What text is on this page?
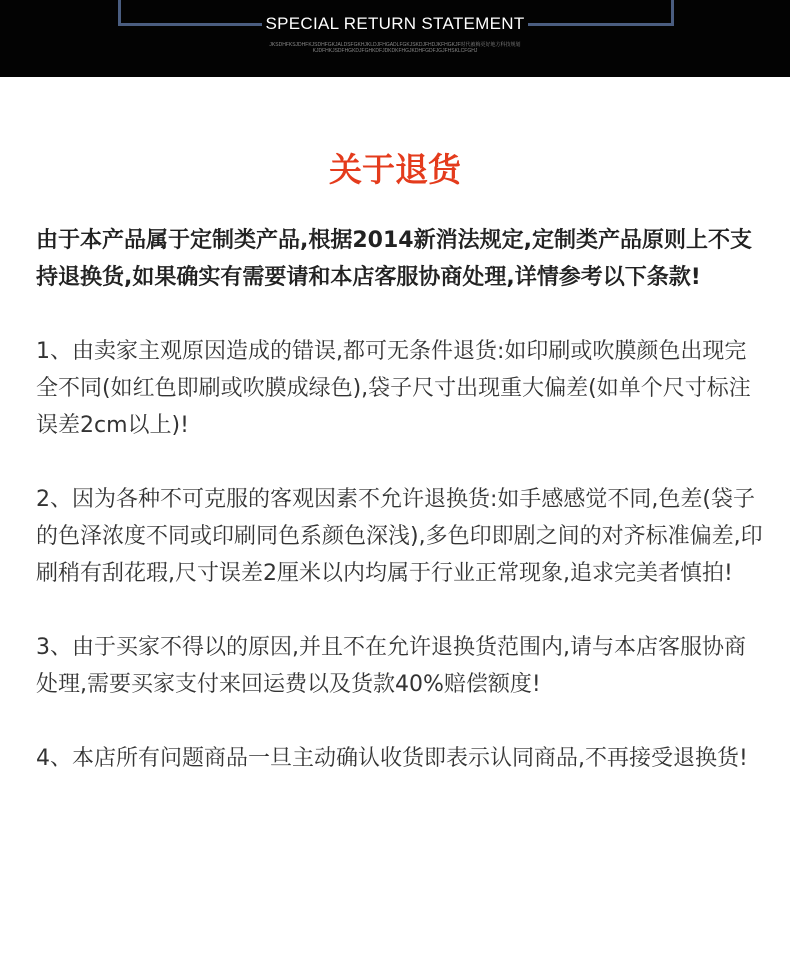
SPECIAL RETURN STATEMENT
JKSDHFKSJDHFKJSDHFGKJALDSFGKHJKLDJFHGADLFGKJSKDJFHDJKFHGKJF时代被梅更好地方科技规划
KJDFHKJSDFHGKDJFGHKDFJDKDKFHGJKDHFGDFJGJFHSKLCFGHJ
关于退货

由于本产品属于定制类产品,根据2014新消法规定,定制类产品原则上不支持退换货,如果确实有需要请和本店客服协商处理,详情参考以下条款!

1、由卖家主观原因造成的错误,都可无条件退货:如印刷或吹膜颜色出现完全不同(如红色即刷或吹膜成绿色),袋子尺寸出现重大偏差(如单个尺寸标注误差2cm以上)!

2、因为各种不可克服的客观因素不允许退换货:如手感感觉不同,色差(袋子的色泽浓度不同或印刷同色系颜色深浅),多色印即剧之间的对齐标准偏差,印刷稍有刮花瑕,尺寸误差2厘米以内均属于行业正常现象,追求完美者慎拍!

3、由于买家不得以的原因,并且不在允许退换货范围内,请与本店客服协商处理,需要买家支付来回运费以及货款40%赔偿额度!

4、本店所有问题商品一旦主动确认收货即表示认同商品,不再接受退换货!
